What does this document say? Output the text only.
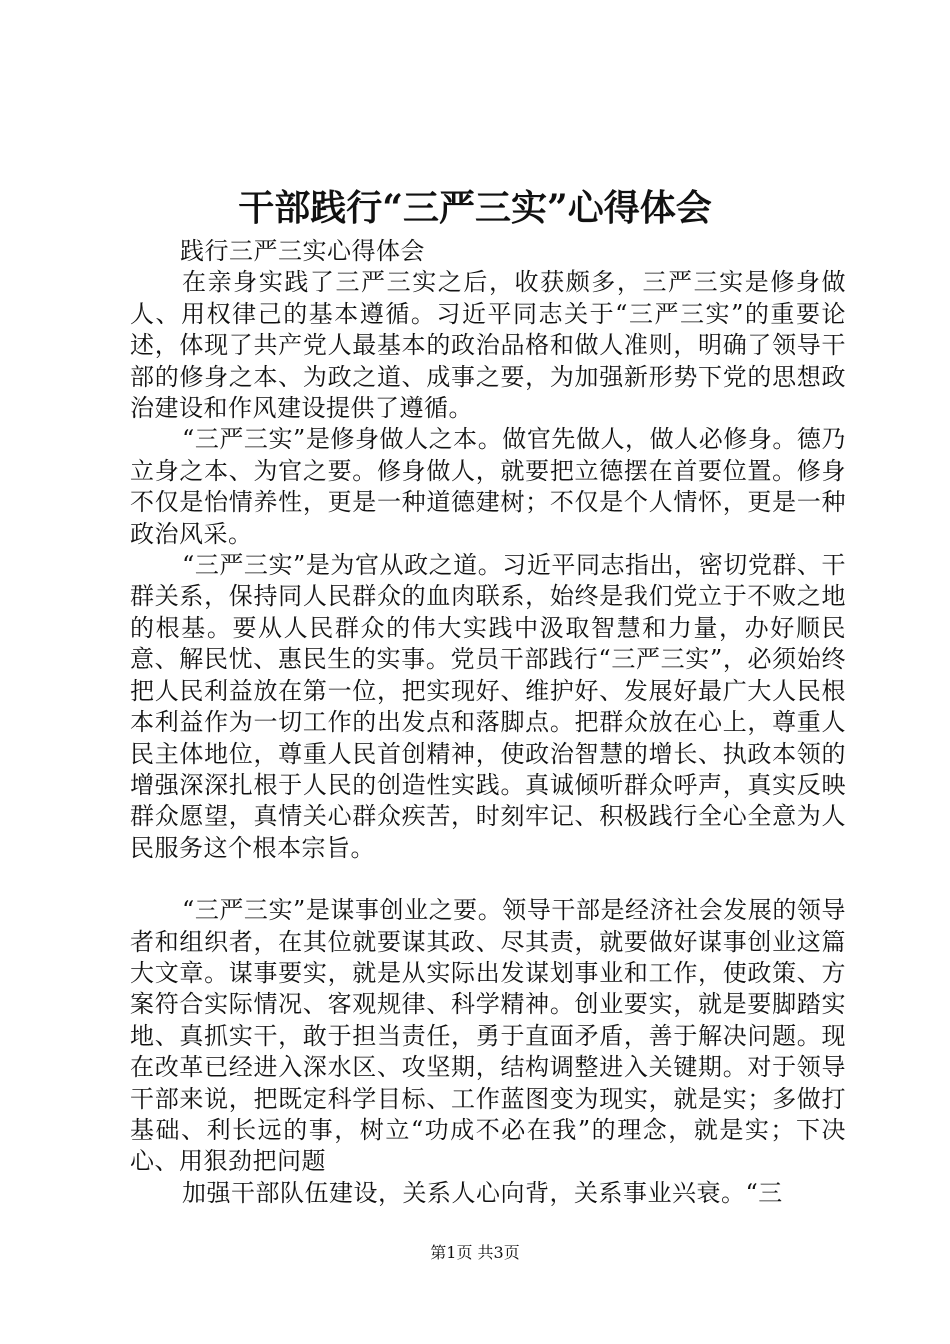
干部践行“三严三实”心得体会

践行三严三实心得体会

在亲身实践了三严三实之后，收获颇多，三严三实是修身做人、用权律己的基本遵循。习近平同志关于“三严三实”的重要论述，体现了共产党人最基本的政治品格和做人准则，明确了领导干部的修身之本、为政之道、成事之要，为加强新形势下党的思想政治建设和作风建设提供了遵循。

“三严三实”是修身做人之本。做官先做人，做人必修身。德乃立身之本、为官之要。修身做人，就要把立德摆在首要位置。修身不仅是怡情养性，更是一种道德建树；不仅是个人情怀，更是一种政治风采。

“三严三实”是为官从政之道。习近平同志指出，密切党群、干群关系，保持同人民群众的血肉联系，始终是我们党立于不败之地的根基。要从人民群众的伟大实践中汲取智慧和力量，办好顺民意、解民忧、惠民生的实事。党员干部践行“三严三实”，必须始终把人民利益放在第一位，把实现好、维护好、发展好最广大人民根本利益作为一切工作的出发点和落脚点。把群众放在心上，尊重人民主体地位，尊重人民首创精神，使政治智慧的增长、执政本领的增强深深扎根于人民的创造性实践。真诚倾听群众呼声，真实反映群众愿望，真情关心群众疾苦，时刻牢记、积极践行全心全意为人民服务这个根本宗旨。

“三严三实”是谋事创业之要。领导干部是经济社会发展的领导者和组织者，在其位就要谋其政、尽其责，就要做好谋事创业这篇大文章。谋事要实，就是从实际出发谋划事业和工作，使政策、方案符合实际情况、客观规律、科学精神。创业要实，就是要脚踏实地、真抓实干，敢于担当责任，勇于直面矛盾，善于解决问题。现在改革已经进入深水区、攻坚期，结构调整进入关键期。对于领导干部来说，把既定科学目标、工作蓝图变为现实，就是实；多做打基础、利长远的事，树立“功成不必在我”的理念，就是实；下决心、用狠劲把问题

加强干部队伍建设，关系人心向背，关系事业兴衰。“三

第1页 共3页
